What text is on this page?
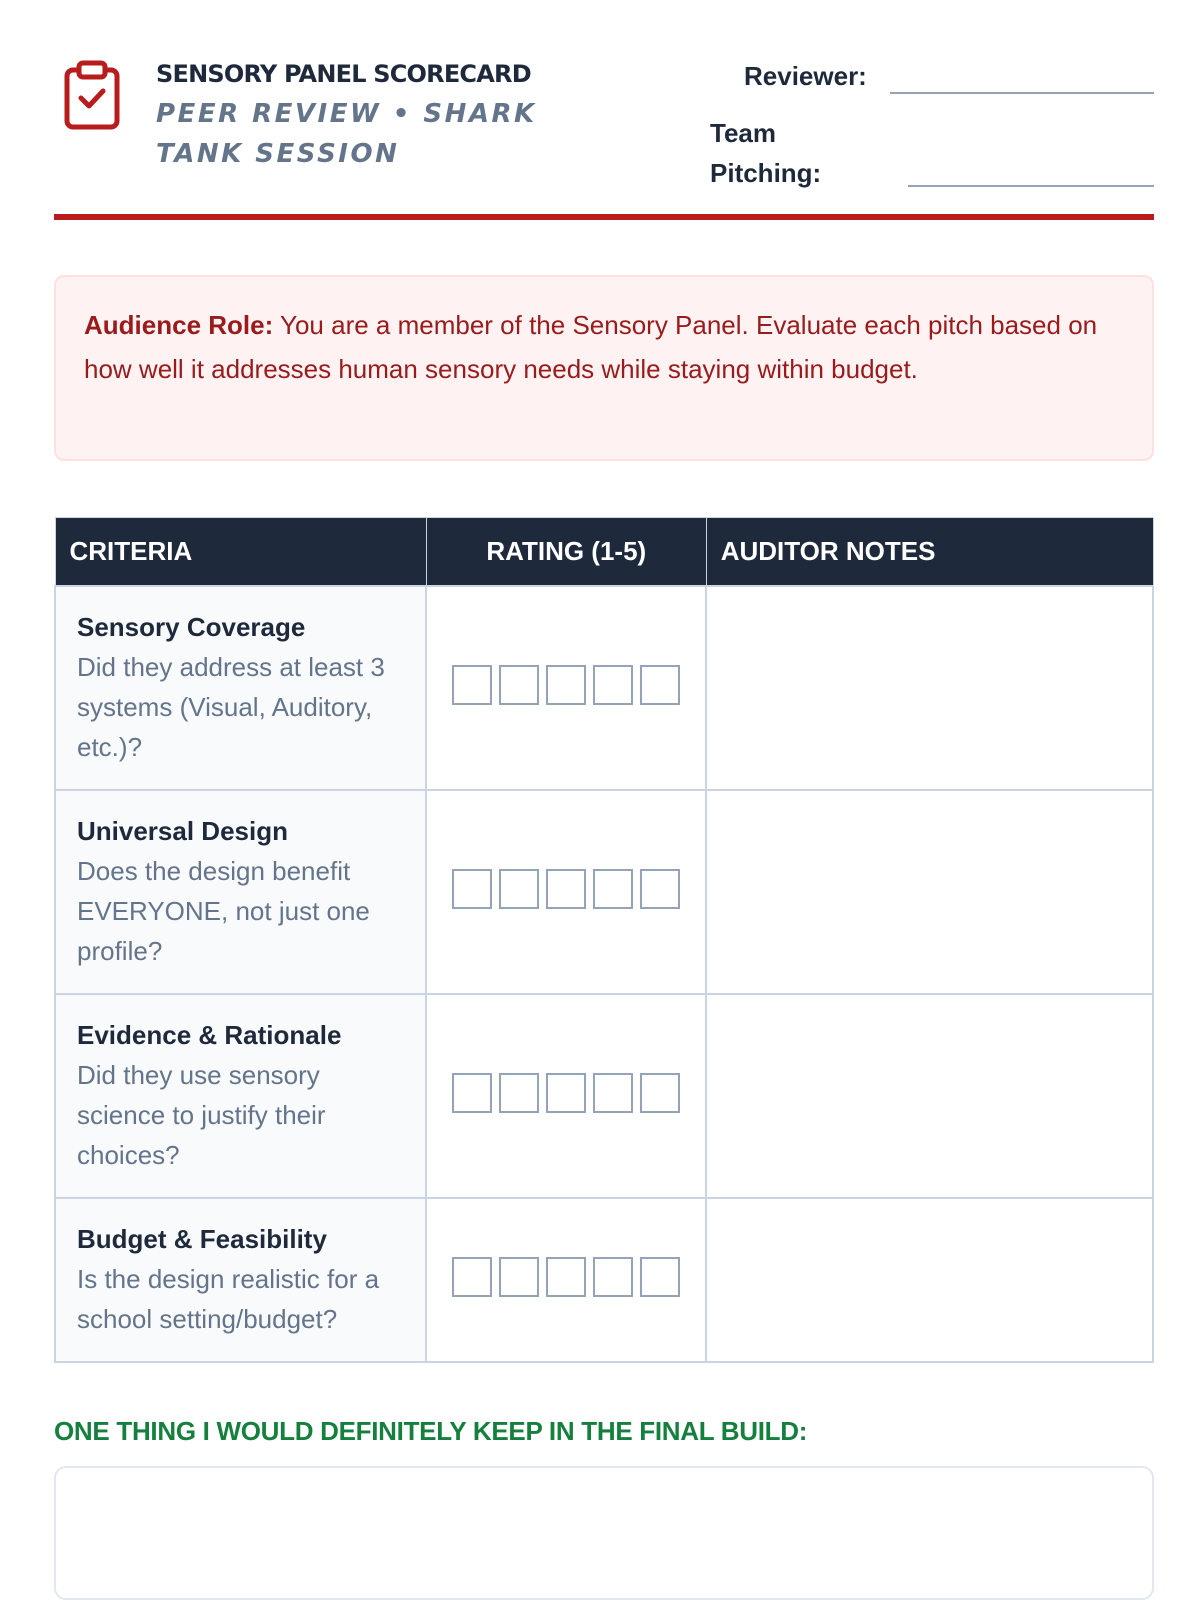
SENSORY PANEL SCORECARD
PEER REVIEW • SHARK TANK SESSION
Reviewer:
Team Pitching:

Audience Role: You are a member of the Sensory Panel. Evaluate each pitch based on how well it addresses human sensory needs while staying within budget.

CRITERIA	RATING (1-5)	AUDITOR NOTES

Sensory Coverage
Did they address at least 3 systems (Visual, Auditory, etc.)?		

Universal Design
Does the design benefit EVERYONE, not just one profile?		

Evidence & Rationale
Did they use sensory science to justify their choices?		

Budget & Feasibility
Is the design realistic for a school setting/budget?		

ONE THING I WOULD DEFINITELY KEEP IN THE FINAL BUILD:
